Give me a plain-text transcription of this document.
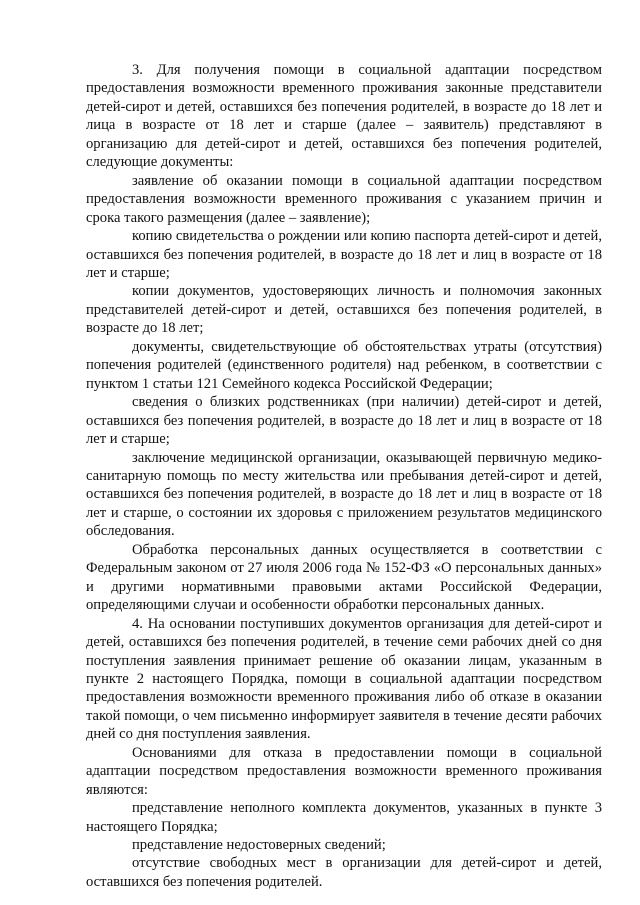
3. Для получения помощи в социальной адаптации посредством предоставления возможности временного проживания законные представители детей-сирот и детей, оставшихся без попечения родителей, в возрасте до 18 лет и лица в возрасте от 18 лет и старше (далее – заявитель) представляют в организацию для детей-сирот и детей, оставшихся без попечения родителей, следующие документы:

заявление об оказании помощи в социальной адаптации посредством предоставления возможности временного проживания с указанием причин и срока такого размещения (далее – заявление);

копию свидетельства о рождении или копию паспорта детей-сирот и детей, оставшихся без попечения родителей, в возрасте до 18 лет и лиц в возрасте от 18 лет и старше;

копии документов, удостоверяющих личность и полномочия законных представителей детей-сирот и детей, оставшихся без попечения родителей, в возрасте до 18 лет;

документы, свидетельствующие об обстоятельствах утраты (отсутствия) попечения родителей (единственного родителя) над ребенком, в соответствии с пунктом 1 статьи 121 Семейного кодекса Российской Федерации;

сведения о близких родственниках (при наличии) детей-сирот и детей, оставшихся без попечения родителей, в возрасте до 18 лет и лиц в возрасте от 18 лет и старше;

заключение медицинской организации, оказывающей первичную медико-санитарную помощь по месту жительства или пребывания детей-сирот и детей, оставшихся без попечения родителей, в возрасте до 18 лет и лиц в возрасте от 18 лет и старше, о состоянии их здоровья с приложением результатов медицинского обследования.

Обработка персональных данных осуществляется в соответствии с Федеральным законом от 27 июля 2006 года № 152-ФЗ «О персональных данных» и другими нормативными правовыми актами Российской Федерации, определяющими случаи и особенности обработки персональных данных.

4. На основании поступивших документов организация для детей-сирот и детей, оставшихся без попечения родителей, в течение семи рабочих дней со дня поступления заявления принимает решение об оказании лицам, указанным в пункте 2 настоящего Порядка, помощи в социальной адаптации посредством предоставления возможности временного проживания либо об отказе в оказании такой помощи, о чем письменно информирует заявителя в течение десяти рабочих дней со дня поступления заявления.

Основаниями для отказа в предоставлении помощи в социальной адаптации посредством предоставления возможности временного проживания являются:

представление неполного комплекта документов, указанных в пункте 3 настоящего Порядка;

представление недостоверных сведений;

отсутствие свободных мест в организации для детей-сирот и детей, оставшихся без попечения родителей.
